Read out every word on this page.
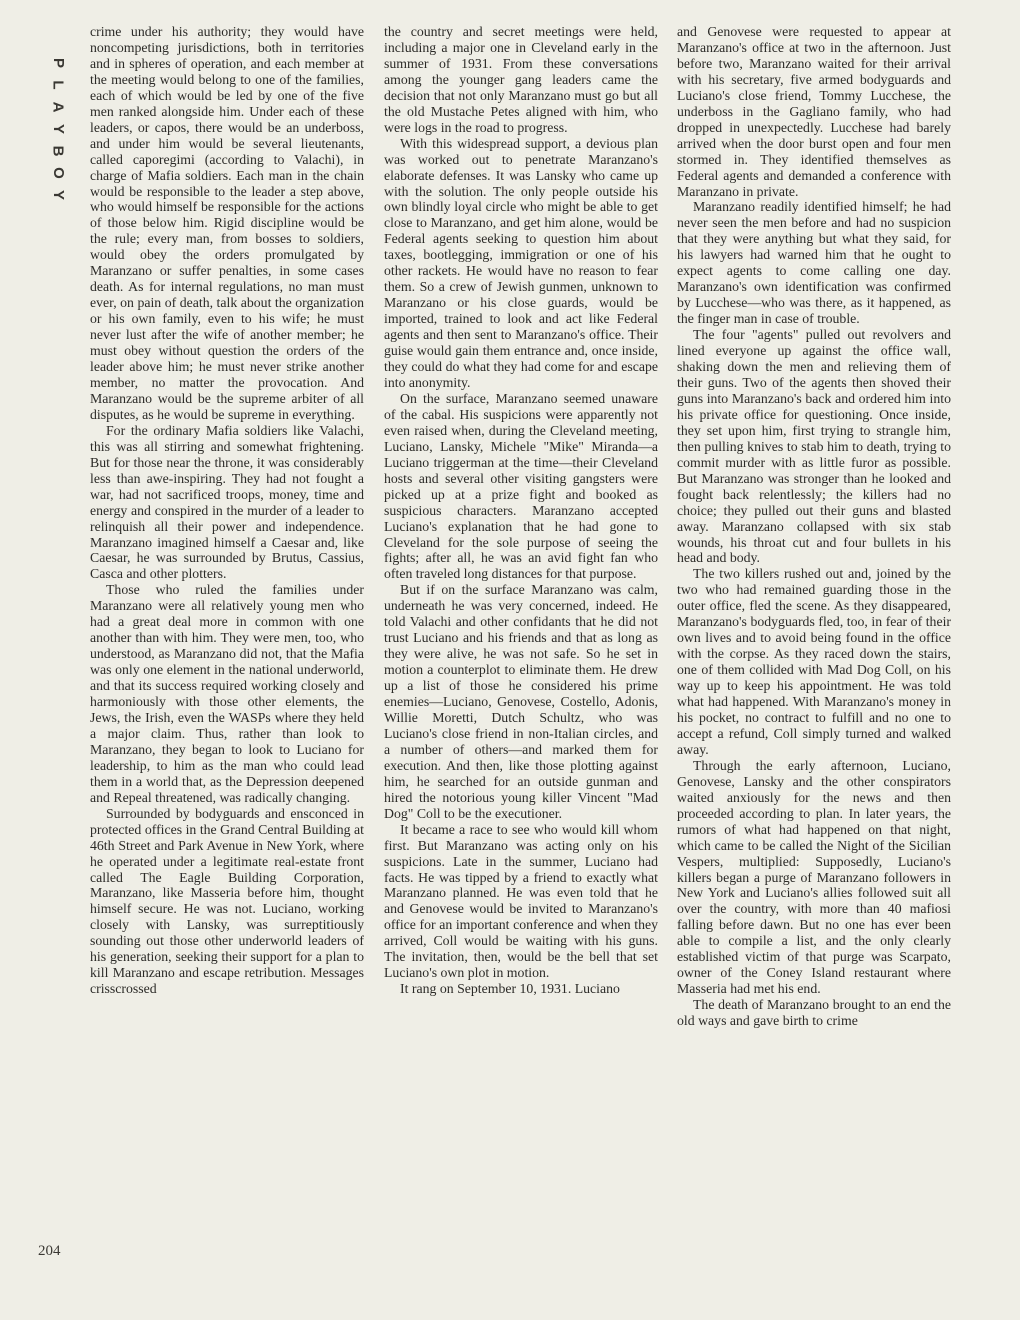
P
L
A
Y
B
O
Y
204

crime under his authority; they would have noncompeting jurisdictions, both in territories and in spheres of operation, and each member at the meeting would belong to one of the families, each of which would be led by one of the five men ranked alongside him. Under each of these leaders, or capos, there would be an underboss, and under him would be several lieutenants, called caporegimi (according to Valachi), in charge of Mafia soldiers. Each man in the chain would be responsible to the leader a step above, who would himself be responsible for the actions of those below him. Rigid discipline would be the rule; every man, from bosses to soldiers, would obey the orders promulgated by Maranzano or suffer penalties, in some cases death. As for internal regulations, no man must ever, on pain of death, talk about the organization or his own family, even to his wife; he must never lust after the wife of another member; he must obey without question the orders of the leader above him; he must never strike another member, no matter the provocation. And Maranzano would be the supreme arbiter of all disputes, as he would be supreme in everything.

For the ordinary Mafia soldiers like Valachi, this was all stirring and somewhat frightening. But for those near the throne, it was considerably less than awe-inspiring. They had not fought a war, had not sacrificed troops, money, time and energy and conspired in the murder of a leader to relinquish all their power and independence. Maranzano imagined himself a Caesar and, like Caesar, he was surrounded by Brutus, Cassius, Casca and other plotters.

Those who ruled the families under Maranzano were all relatively young men who had a great deal more in common with one another than with him. They were men, too, who understood, as Maranzano did not, that the Mafia was only one element in the national underworld, and that its success required working closely and harmoniously with those other elements, the Jews, the Irish, even the WASPs where they held a major claim. Thus, rather than look to Maranzano, they began to look to Luciano for leadership, to him as the man who could lead them in a world that, as the Depression deepened and Repeal threatened, was radically changing.

Surrounded by bodyguards and ensconced in protected offices in the Grand Central Building at 46th Street and Park Avenue in New York, where he operated under a legitimate real-estate front called The Eagle Building Corporation, Maranzano, like Masseria before him, thought himself secure. He was not. Luciano, working closely with Lansky, was surreptitiously sounding out those other underworld leaders of his generation, seeking their support for a plan to kill Maranzano and escape retribution. Messages crisscrossed

the country and secret meetings were held, including a major one in Cleveland early in the summer of 1931. From these conversations among the younger gang leaders came the decision that not only Maranzano must go but all the old Mustache Petes aligned with him, who were logs in the road to progress.

With this widespread support, a devious plan was worked out to penetrate Maranzano's elaborate defenses. It was Lansky who came up with the solution. The only people outside his own blindly loyal circle who might be able to get close to Maranzano, and get him alone, would be Federal agents seeking to question him about taxes, bootlegging, immigration or one of his other rackets. He would have no reason to fear them. So a crew of Jewish gunmen, unknown to Maranzano or his close guards, would be imported, trained to look and act like Federal agents and then sent to Maranzano's office. Their guise would gain them entrance and, once inside, they could do what they had come for and escape into anonymity.

On the surface, Maranzano seemed unaware of the cabal. His suspicions were apparently not even raised when, during the Cleveland meeting, Luciano, Lansky, Michele "Mike" Miranda—a Luciano triggerman at the time—their Cleveland hosts and several other visiting gangsters were picked up at a prize fight and booked as suspicious characters. Maranzano accepted Luciano's explanation that he had gone to Cleveland for the sole purpose of seeing the fights; after all, he was an avid fight fan who often traveled long distances for that purpose.

But if on the surface Maranzano was calm, underneath he was very concerned, indeed. He told Valachi and other confidants that he did not trust Luciano and his friends and that as long as they were alive, he was not safe. So he set in motion a counterplot to eliminate them. He drew up a list of those he considered his prime enemies—Luciano, Genovese, Costello, Adonis, Willie Moretti, Dutch Schultz, who was Luciano's close friend in non-Italian circles, and a number of others—and marked them for execution. And then, like those plotting against him, he searched for an outside gunman and hired the notorious young killer Vincent "Mad Dog" Coll to be the executioner.

It became a race to see who would kill whom first. But Maranzano was acting only on his suspicions. Late in the summer, Luciano had facts. He was tipped by a friend to exactly what Maranzano planned. He was even told that he and Genovese would be invited to Maranzano's office for an important conference and when they arrived, Coll would be waiting with his guns. The invitation, then, would be the bell that set Luciano's own plot in motion.

It rang on September 10, 1931. Luciano

and Genovese were requested to appear at Maranzano's office at two in the afternoon. Just before two, Maranzano waited for their arrival with his secretary, five armed bodyguards and Luciano's close friend, Tommy Lucchese, the underboss in the Gagliano family, who had dropped in unexpectedly. Lucchese had barely arrived when the door burst open and four men stormed in. They identified themselves as Federal agents and demanded a conference with Maranzano in private.

Maranzano readily identified himself; he had never seen the men before and had no suspicion that they were anything but what they said, for his lawyers had warned him that he ought to expect agents to come calling one day. Maranzano's own identification was confirmed by Lucchese—who was there, as it happened, as the finger man in case of trouble.

The four "agents" pulled out revolvers and lined everyone up against the office wall, shaking down the men and relieving them of their guns. Two of the agents then shoved their guns into Maranzano's back and ordered him into his private office for questioning. Once inside, they set upon him, first trying to strangle him, then pulling knives to stab him to death, trying to commit murder with as little furor as possible. But Maranzano was stronger than he looked and fought back relentlessly; the killers had no choice; they pulled out their guns and blasted away. Maranzano collapsed with six stab wounds, his throat cut and four bullets in his head and body.

The two killers rushed out and, joined by the two who had remained guarding those in the outer office, fled the scene. As they disappeared, Maranzano's bodyguards fled, too, in fear of their own lives and to avoid being found in the office with the corpse. As they raced down the stairs, one of them collided with Mad Dog Coll, on his way up to keep his appointment. He was told what had happened. With Maranzano's money in his pocket, no contract to fulfill and no one to accept a refund, Coll simply turned and walked away.

Through the early afternoon, Luciano, Genovese, Lansky and the other conspirators waited anxiously for the news and then proceeded according to plan. In later years, the rumors of what had happened on that night, which came to be called the Night of the Sicilian Vespers, multiplied: Supposedly, Luciano's killers began a purge of Maranzano followers in New York and Luciano's allies followed suit all over the country, with more than 40 mafiosi falling before dawn. But no one has ever been able to compile a list, and the only clearly established victim of that purge was Scarpato, owner of the Coney Island restaurant where Masseria had met his end.

The death of Maranzano brought to an end the old ways and gave birth to crime
